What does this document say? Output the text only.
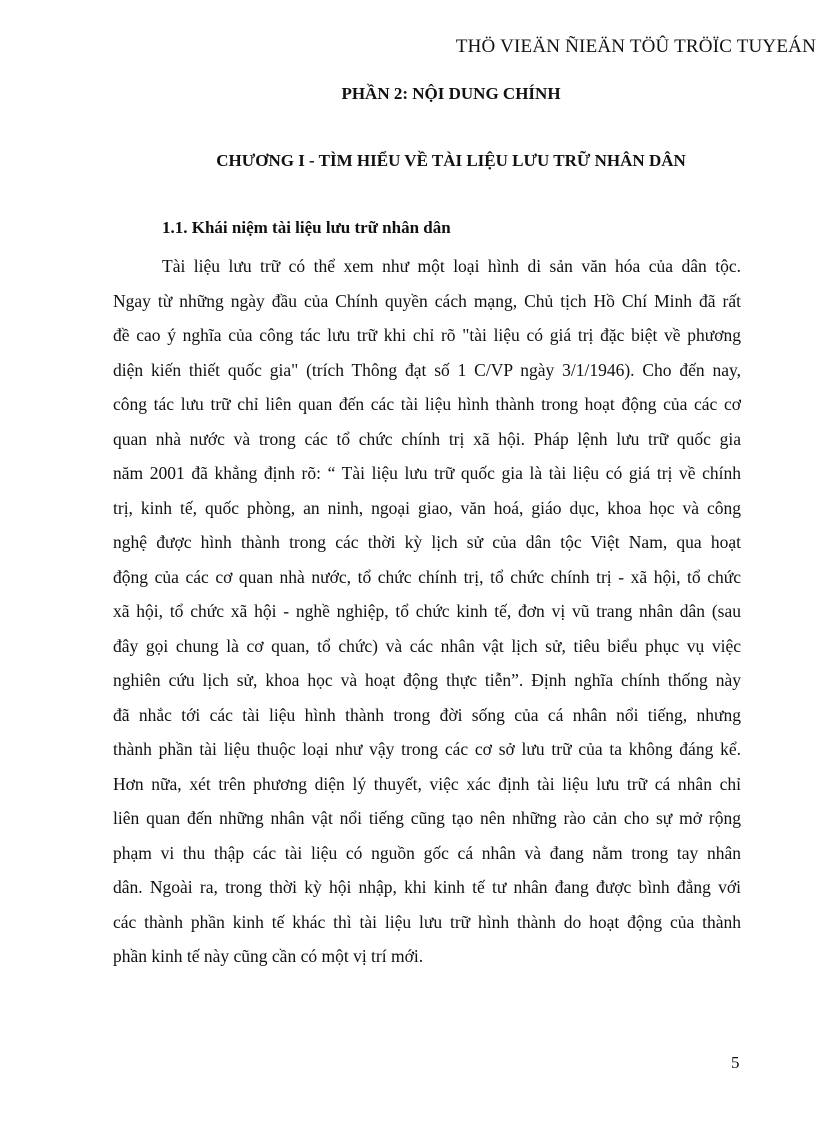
THÖ VIEÄN ÑIEÄN TÖÛ TRÖÏC TUYEÁN
PHẦN 2: NỘI DUNG CHÍNH
CHƯƠNG I - TÌM HIỂU VỀ TÀI LIỆU LƯU TRỮ NHÂN DÂN
1.1. Khái niệm tài liệu lưu trữ nhân dân
Tài liệu lưu trữ có thể xem như một loại hình di sản văn hóa của dân tộc.
Ngay từ những ngày đầu của Chính quyền cách mạng, Chủ tịch Hồ Chí Minh đã rất
đề cao ý nghĩa của công tác lưu trữ khi chỉ rõ "tài liệu có giá trị đặc biệt về phương
diện kiến thiết quốc gia" (trích Thông đạt số 1 C/VP ngày 3/1/1946). Cho đến nay,
công tác lưu trữ chỉ liên quan đến các tài liệu hình thành trong hoạt động của các cơ
quan nhà nước và trong các tổ chức chính trị xã hội. Pháp lệnh lưu trữ quốc gia
năm 2001 đã khẳng định rõ: “ Tài liệu lưu trữ quốc gia là tài liệu có giá trị về chính
trị, kinh tế, quốc phòng, an ninh, ngoại giao, văn hoá, giáo dục, khoa học và công
nghệ được hình thành trong các thời kỳ lịch sử của dân tộc Việt Nam, qua hoạt
động của các cơ quan nhà nước, tổ chức chính trị, tổ chức chính trị - xã hội, tổ chức
xã hội, tổ chức xã hội - nghề nghiệp, tổ chức kinh tế, đơn vị vũ trang nhân dân (sau
đây gọi chung là cơ quan, tổ chức) và các nhân vật lịch sử, tiêu biểu phục vụ việc
nghiên cứu lịch sử, khoa học và hoạt động thực tiễn”. Định nghĩa chính thống này
đã nhắc tới các tài liệu hình thành trong đời sống của cá nhân nổi tiếng, nhưng
thành phần tài liệu thuộc loại như vậy trong các cơ sở lưu trữ của ta không đáng kể.
Hơn nữa, xét trên phương diện lý thuyết, việc xác định tài liệu lưu trữ cá nhân chỉ
liên quan đến những nhân vật nổi tiếng cũng tạo nên những rào cản cho sự mở rộng
phạm vi thu thập các tài liệu có nguồn gốc cá nhân và đang nằm trong tay nhân
dân. Ngoài ra, trong thời kỳ hội nhập, khi kinh tế tư nhân đang được bình đẳng với
các thành phần kinh tế khác thì tài liệu lưu trữ hình thành do hoạt động của thành
phần kinh tế này cũng cần có một vị trí mới.
5
